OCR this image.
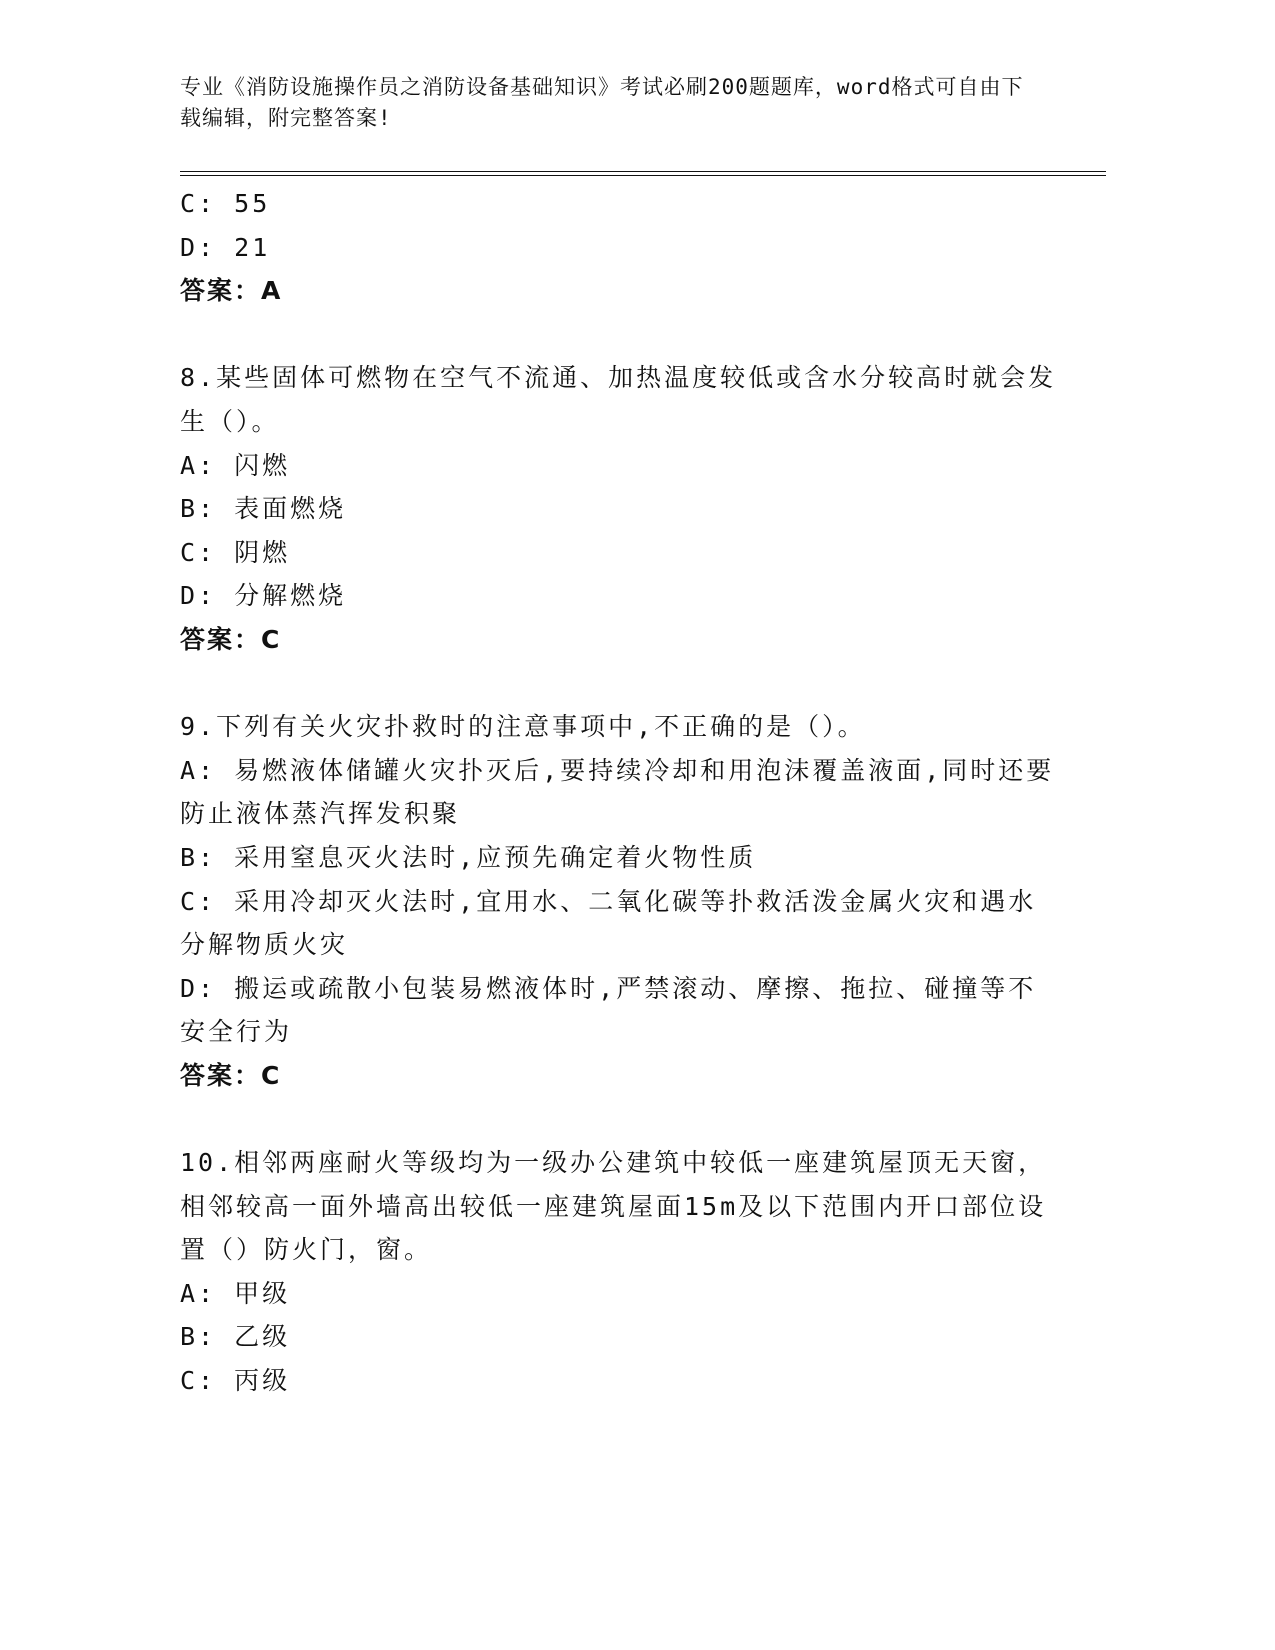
专业《消防设施操作员之消防设备基础知识》考试必刷200题题库，word格式可自由下载编辑，附完整答案!

C: 55

D: 21

答案：A

8.某些固体可燃物在空气不流通、加热温度较低或含水分较高时就会发生（）。

A: 闪燃

B: 表面燃烧

C: 阴燃

D: 分解燃烧

答案：C

9.下列有关火灾扑救时的注意事项中,不正确的是（）。

A: 易燃液体储罐火灾扑灭后,要持续冷却和用泡沫覆盖液面,同时还要防止液体蒸汽挥发积聚

B: 采用窒息灭火法时,应预先确定着火物性质

C: 采用冷却灭火法时,宜用水、二氧化碳等扑救活泼金属火灾和遇水分解物质火灾

D: 搬运或疏散小包装易燃液体时,严禁滚动、摩擦、拖拉、碰撞等不安全行为

答案：C

10.相邻两座耐火等级均为一级办公建筑中较低一座建筑屋顶无天窗，相邻较高一面外墙高出较低一座建筑屋面15m及以下范围内开口部位设置（）防火门，窗。

A: 甲级

B: 乙级

C: 丙级
